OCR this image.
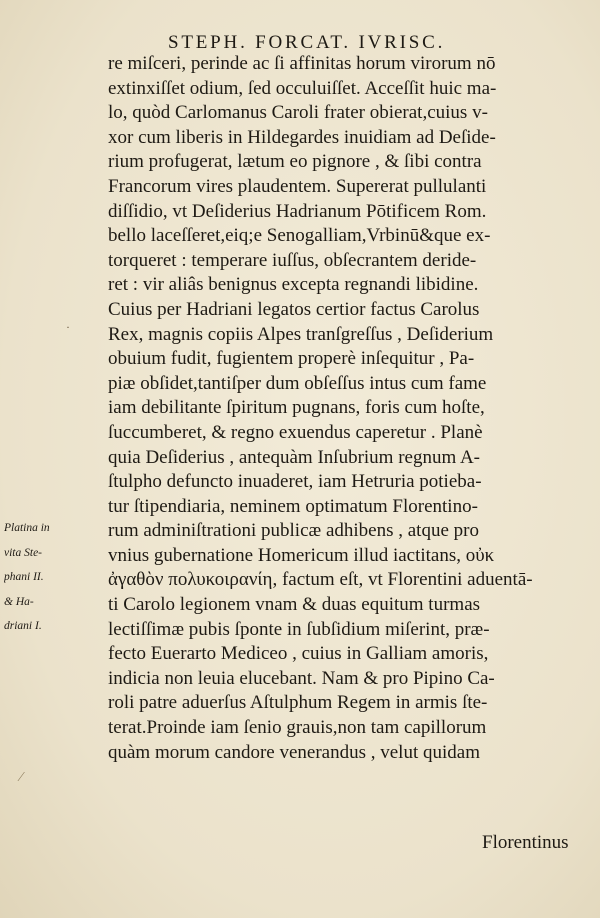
STEPH. FORCAT. IVRISC.
·
re miſceri, perinde ac ſi affinitas horum virorum nō
extinxiſſet odium, ſed occuluiſſet. Acceſſit huic ma-
lo, quòd Carlomanus Caroli frater obierat,cuius v-
xor cum liberis in Hildegardes inuidiam ad Deſide-
rium profugerat, lætum eo pignore , & ſibi contra
Francorum vires plaudentem. Supererat pullulanti
diſſidio, vt Deſiderius Hadrianum Pōtificem Rom.
bello laceſſeret,eiq;e Senogalliam,Vrbinū&que ex-
torqueret : temperare iuſſus, obſecrantem deride-
ret : vir aliâs benignus excepta regnandi libidine.
Cuius per Hadriani legatos certior factus Carolus
Rex, magnis copiis Alpes tranſgreſſus , Deſiderium
obuium fudit, fugientem properè inſequitur , Pa-
piæ obſidet,tantiſper dum obſeſſus intus cum fame
iam debilitante ſpiritum pugnans, foris cum hoſte,
ſuccumberet, & regno exuendus caperetur . Planè
quia Deſiderius , antequàm Inſubrium regnum A-
ſtulpho defuncto inuaderet, iam Hetruria potieba-
tur ſtipendiaria, neminem optimatum Florentino-
rum adminiſtrationi publicæ adhibens , atque pro
vnius gubernatione Homericum illud iactitans, οὐκ
ἀγαθὸν πολυκοιρανίη, factum eſt, vt Florentini aduentā-
ti Carolo legionem vnam & duas equitum turmas
lectiſſimæ pubis ſponte in ſubſidium miſerint, præ-
fecto Euerarto Mediceo , cuius in Galliam amoris,
indicia non leuia elucebant. Nam & pro Pipino Ca-
roli patre aduerſus Aſtulphum Regem in armis ſte-
terat.Proinde iam ſenio grauis,non tam capillorum
quàm morum candore venerandus , velut quidam
Platina in
vita Ste-
phani II.
& Ha-
driani I.
⁄
Florentinus
